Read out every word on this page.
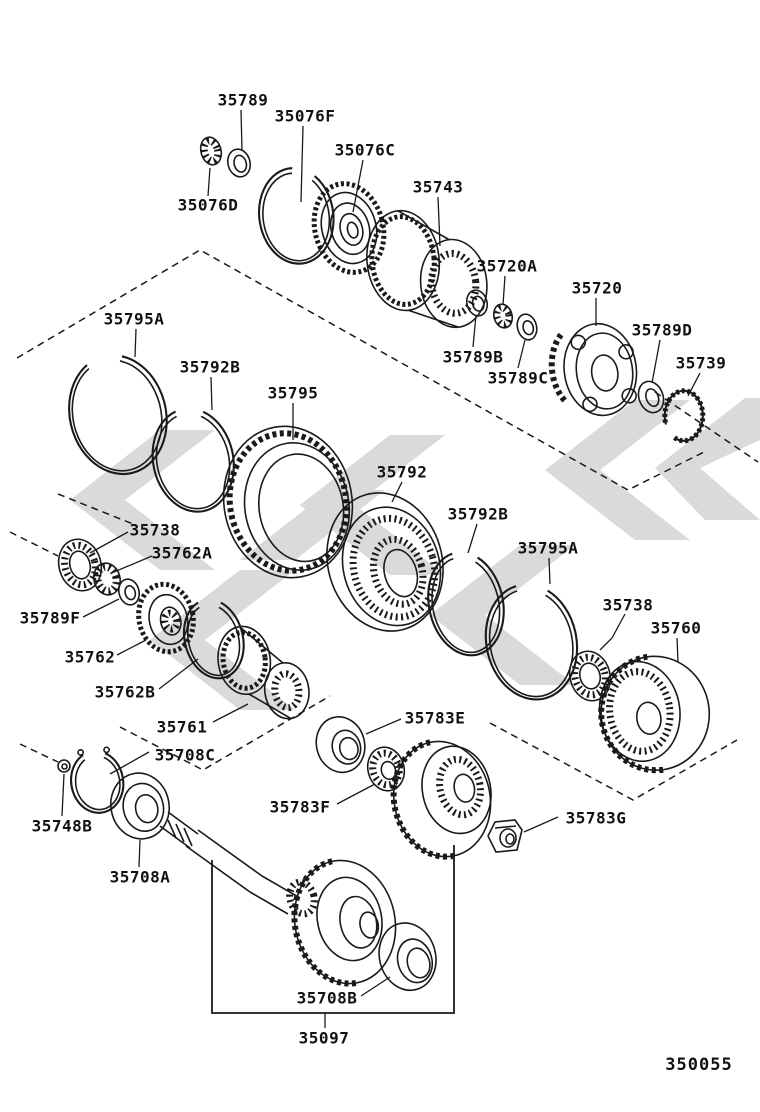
35789
35076F
35076C
35743
35076D
35720A
35720
35789B
35789C
35789D
35739
35795A
35792B
35795
35792
35792B
35795A
35738
35762A
35789F
35762
35762B
35761
35708C
35748B
35708A
35783E
35783F
35783G
35738
35760
35708B
35097
350055
